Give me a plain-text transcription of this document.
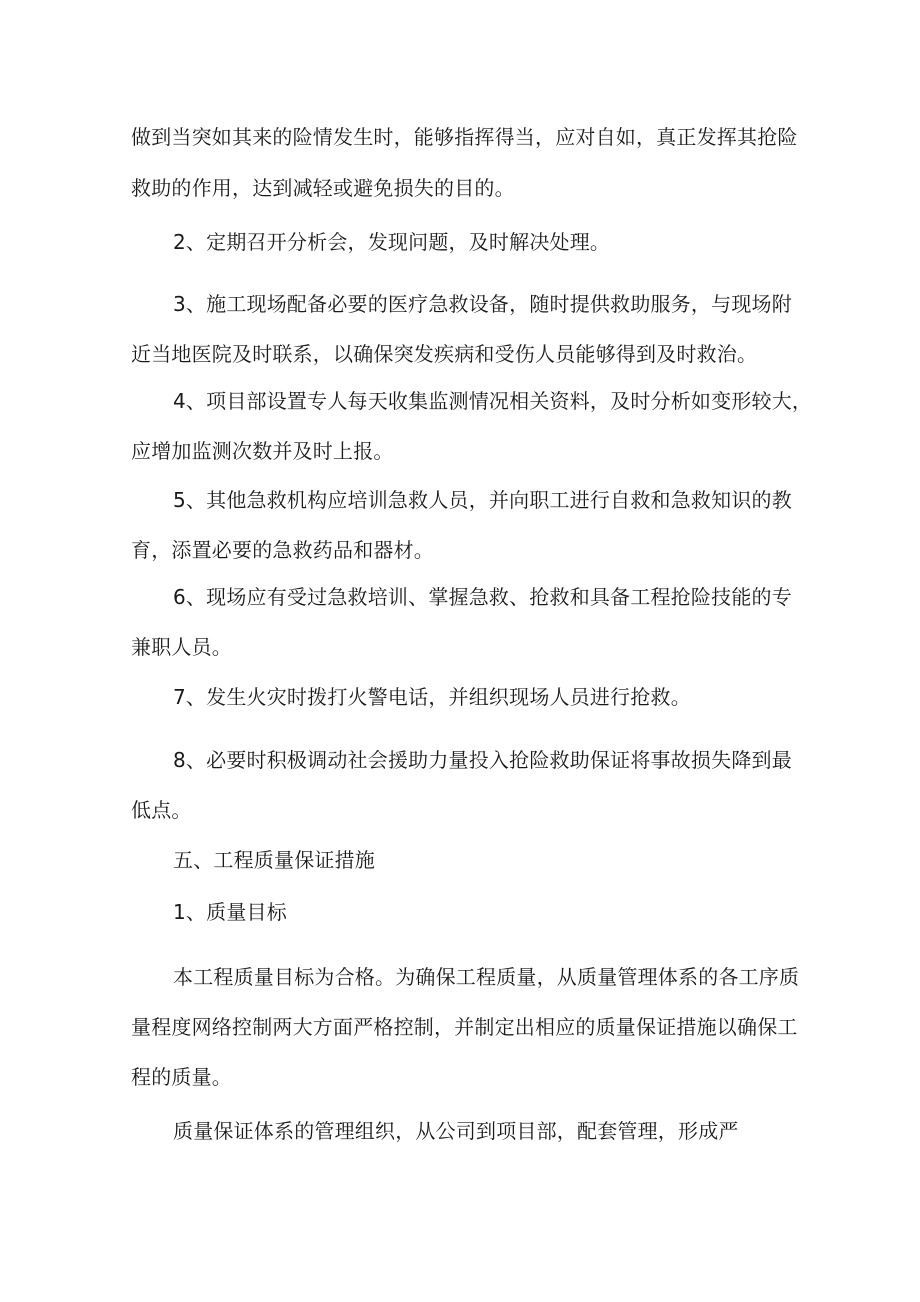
做到当突如其来的险情发生时，能够指挥得当，应对自如，真正发挥其抢险
救助的作用，达到减轻或避免损失的目的。
2、定期召开分析会，发现问题，及时解决处理。
3、施工现场配备必要的医疗急救设备，随时提供救助服务，与现场附
近当地医院及时联系，以确保突发疾病和受伤人员能够得到及时救治。
4、项目部设置专人每天收集监测情况相关资料，及时分析如变形较大，
应增加监测次数并及时上报。
5、其他急救机构应培训急救人员，并向职工进行自救和急救知识的教
育，添置必要的急救药品和器材。
6、现场应有受过急救培训、掌握急救、抢救和具备工程抢险技能的专
兼职人员。
7、发生火灾时拨打火警电话，并组织现场人员进行抢救。
8、必要时积极调动社会援助力量投入抢险救助保证将事故损失降到最
低点。
五、工程质量保证措施
1、质量目标
本工程质量目标为合格。为确保工程质量，从质量管理体系的各工序质
量程度网络控制两大方面严格控制，并制定出相应的质量保证措施以确保工
程的质量。
质量保证体系的管理组织，从公司到项目部，配套管理，形成严
